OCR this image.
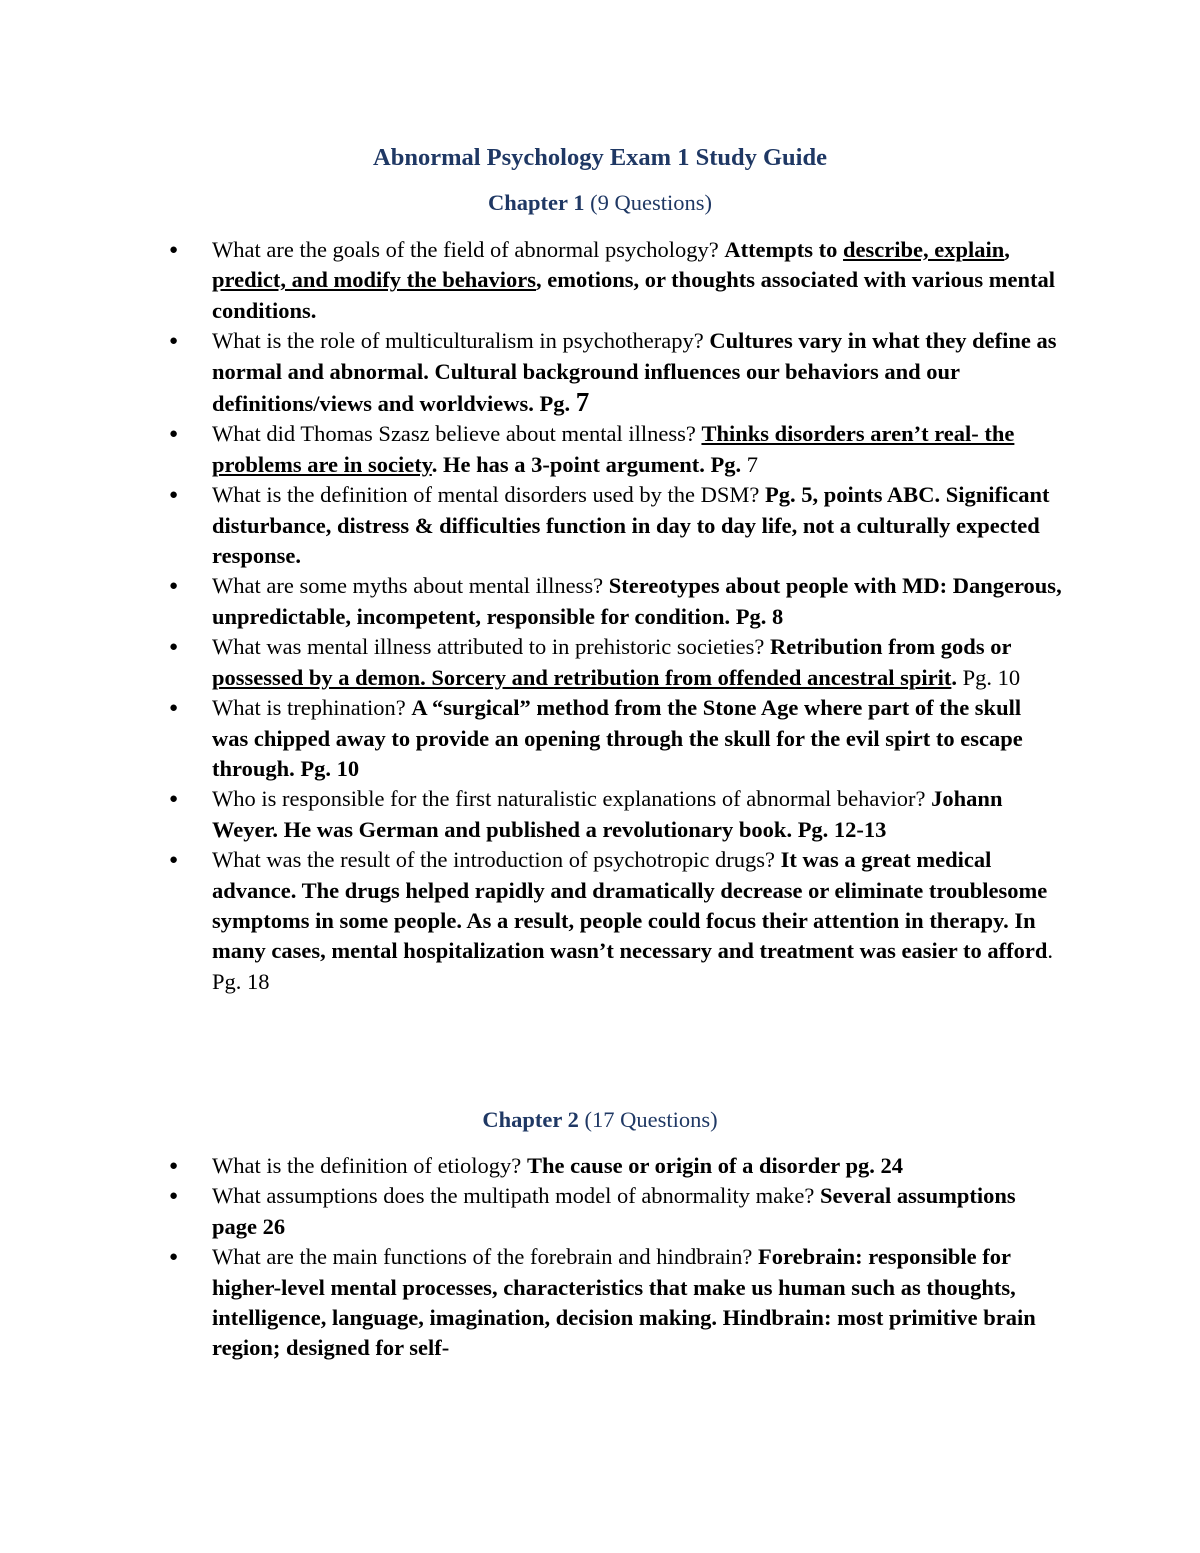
Abnormal Psychology Exam 1 Study Guide
Chapter 1 (9 Questions)
● What are the goals of the field of abnormal psychology? Attempts to describe, explain, predict, and modify the behaviors, emotions, or thoughts associated with various mental conditions.
● What is the role of multiculturalism in psychotherapy? Cultures vary in what they define as normal and abnormal. Cultural background influences our behaviors and our definitions/views and worldviews. Pg. 7
● What did Thomas Szasz believe about mental illness? Thinks disorders aren’t real- the problems are in society. He has a 3-point argument. Pg. 7
● What is the definition of mental disorders used by the DSM? Pg. 5, points ABC. Significant disturbance, distress & difficulties function in day to day life, not a culturally expected response.
● What are some myths about mental illness? Stereotypes about people with MD: Dangerous, unpredictable, incompetent, responsible for condition. Pg. 8
● What was mental illness attributed to in prehistoric societies? Retribution from gods or possessed by a demon. Sorcery and retribution from offended ancestral spirit. Pg. 10
● What is trephination? A “surgical” method from the Stone Age where part of the skull was chipped away to provide an opening through the skull for the evil spirt to escape through. Pg. 10
● Who is responsible for the first naturalistic explanations of abnormal behavior? Johann Weyer. He was German and published a revolutionary book. Pg. 12-13
● What was the result of the introduction of psychotropic drugs? It was a great medical advance. The drugs helped rapidly and dramatically decrease or eliminate troublesome symptoms in some people. As a result, people could focus their attention in therapy. In many cases, mental hospitalization wasn’t necessary and treatment was easier to afford. Pg. 18
Chapter 2 (17 Questions)
● What is the definition of etiology? The cause or origin of a disorder pg. 24
● What assumptions does the multipath model of abnormality make? Several assumptions page 26
● What are the main functions of the forebrain and hindbrain? Forebrain: responsible for higher-level mental processes, characteristics that make us human such as thoughts, intelligence, language, imagination, decision making. Hindbrain: most primitive brain region; designed for self-
